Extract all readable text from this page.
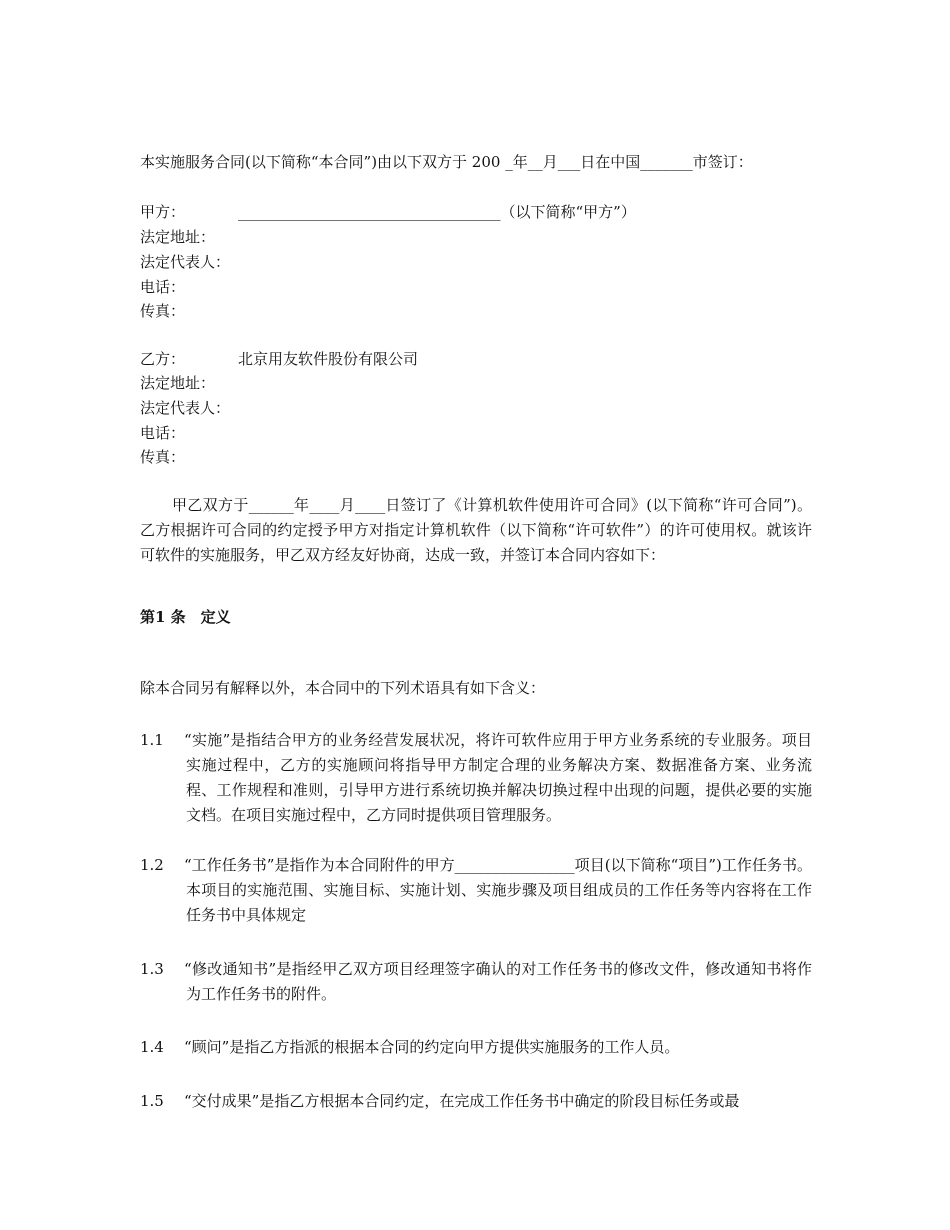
本实施服务合同(以下简称“本合同”)由以下双方于 200 _年__月___日在中国_______市签订：
甲方：	___________________________________（以下简称“甲方”）
法定地址：
法定代表人：
电话：
传真：
乙方：	北京用友软件股份有限公司
法定地址：
法定代表人：
电话：
传真：
甲乙双方于______年____月____日签订了《计算机软件使用许可合同》(以下简称“许可合同”)。乙方根据许可合同的约定授予甲方对指定计算机软件（以下简称“许可软件”）的许可使用权。就该许可软件的实施服务，甲乙双方经友好协商，达成一致，并签订本合同内容如下：
第1 条　定义
除本合同另有解释以外，本合同中的下列术语具有如下含义：
1.1 “实施”是指结合甲方的业务经营发展状况，将许可软件应用于甲方业务系统的专业服务。项目实施过程中，乙方的实施顾问将指导甲方制定合理的业务解决方案、数据准备方案、业务流程、工作规程和准则，引导甲方进行系统切换并解决切换过程中出现的问题，提供必要的实施文档。在项目实施过程中，乙方同时提供项目管理服务。
1.2 “工作任务书”是指作为本合同附件的甲方________________项目(以下简称“项目”)工作任务书。本项目的实施范围、实施目标、实施计划、实施步骤及项目组成员的工作任务等内容将在工作任务书中具体规定
1.3 “修改通知书”是指经甲乙双方项目经理签字确认的对工作任务书的修改文件，修改通知书将作为工作任务书的附件。
1.4 “顾问”是指乙方指派的根据本合同的约定向甲方提供实施服务的工作人员。
1.5 “交付成果”是指乙方根据本合同约定，在完成工作任务书中确定的阶段目标任务或最
